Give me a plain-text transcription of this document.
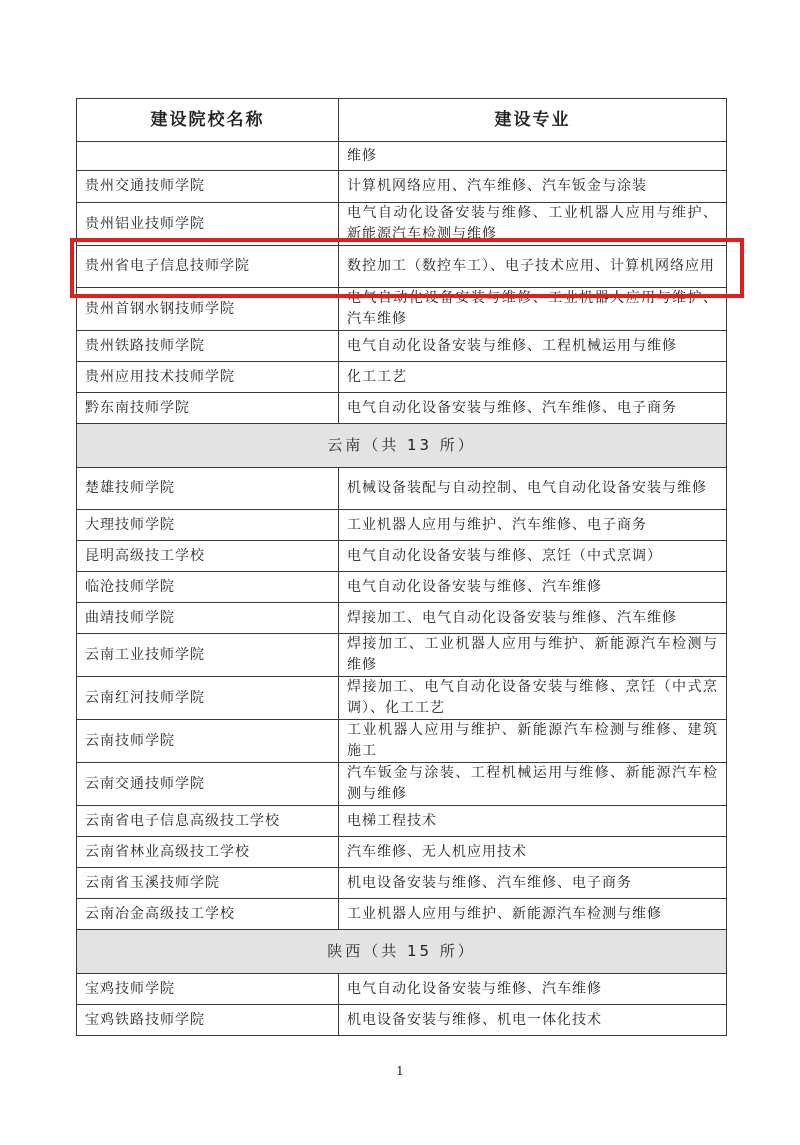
建设院校名称	建设专业
	维修
贵州交通技师学院	计算机网络应用、汽车维修、汽车钣金与涂装
贵州铝业技师学院	电气自动化设备安装与维修、工业机器人应用与维护、新能源汽车检测与维修
贵州省电子信息技师学院	数控加工（数控车工）、电子技术应用、计算机网络应用
贵州首钢水钢技师学院	电气自动化设备安装与维修、工业机器人应用与维护、汽车维修
贵州铁路技师学院	电气自动化设备安装与维修、工程机械运用与维修
贵州应用技术技师学院	化工工艺
黔东南技师学院	电气自动化设备安装与维修、汽车维修、电子商务
云南（共 13 所）	
楚雄技师学院	机械设备装配与自动控制、电气自动化设备安装与维修
大理技师学院	工业机器人应用与维护、汽车维修、电子商务
昆明高级技工学校	电气自动化设备安装与维修、烹饪（中式烹调）
临沧技师学院	电气自动化设备安装与维修、汽车维修
曲靖技师学院	焊接加工、电气自动化设备安装与维修、汽车维修
云南工业技师学院	焊接加工、工业机器人应用与维护、新能源汽车检测与维修
云南红河技师学院	焊接加工、电气自动化设备安装与维修、烹饪（中式烹调）、化工工艺
云南技师学院	工业机器人应用与维护、新能源汽车检测与维修、建筑施工
云南交通技师学院	汽车钣金与涂装、工程机械运用与维修、新能源汽车检测与维修
云南省电子信息高级技工学校	电梯工程技术
云南省林业高级技工学校	汽车维修、无人机应用技术
云南省玉溪技师学院	机电设备安装与维修、汽车维修、电子商务
云南冶金高级技工学校	工业机器人应用与维护、新能源汽车检测与维修
陕西（共 15 所）	
宝鸡技师学院	电气自动化设备安装与维修、汽车维修
宝鸡铁路技师学院	机电设备安装与维修、机电一体化技术
1
